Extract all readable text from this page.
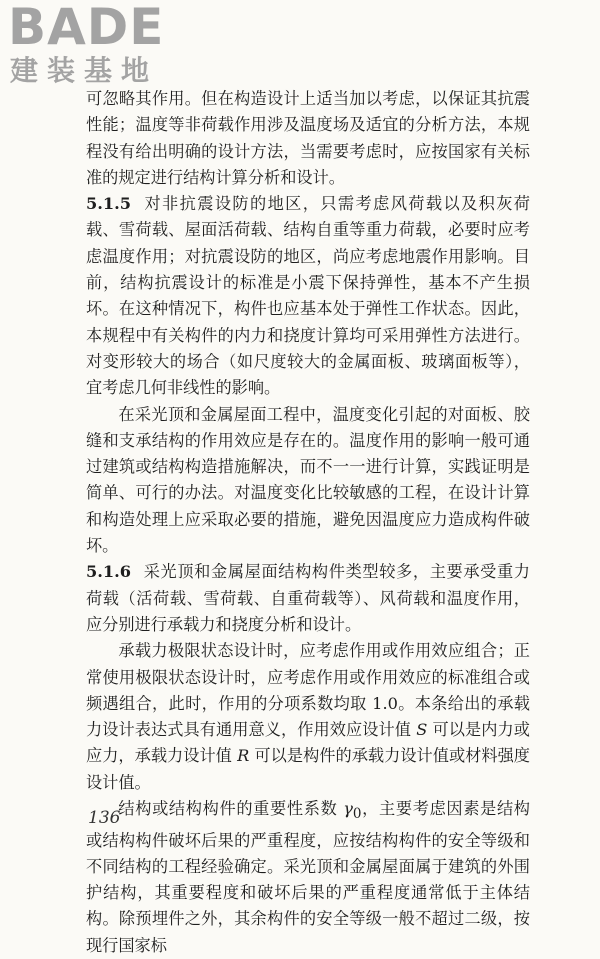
BADE
建装基地

可忽略其作用。但在构造设计上适当加以考虑，以保证其抗震性能；温度等非荷载作用涉及温度场及适宜的分析方法，本规程没有给出明确的设计方法，当需要考虑时，应按国家有关标准的规定进行结构计算分析和设计。

5.1.5 对非抗震设防的地区，只需考虑风荷载以及积灰荷载、雪荷载、屋面活荷载、结构自重等重力荷载，必要时应考虑温度作用；对抗震设防的地区，尚应考虑地震作用影响。目前，结构抗震设计的标准是小震下保持弹性，基本不产生损坏。在这种情况下，构件也应基本处于弹性工作状态。因此，本规程中有关构件的内力和挠度计算均可采用弹性方法进行。对变形较大的场合（如尺度较大的金属面板、玻璃面板等），宜考虑几何非线性的影响。

在采光顶和金属屋面工程中，温度变化引起的对面板、胶缝和支承结构的作用效应是存在的。温度作用的影响一般可通过建筑或结构构造措施解决，而不一一进行计算，实践证明是简单、可行的办法。对温度变化比较敏感的工程，在设计计算和构造处理上应采取必要的措施，避免因温度应力造成构件破坏。

5.1.6 采光顶和金属屋面结构构件类型较多，主要承受重力荷载（活荷载、雪荷载、自重荷载等）、风荷载和温度作用，应分别进行承载力和挠度分析和设计。

承载力极限状态设计时，应考虑作用或作用效应组合；正常使用极限状态设计时，应考虑作用或作用效应的标准组合或频遇组合，此时，作用的分项系数均取 1.0。本条给出的承载力设计表达式具有通用意义，作用效应设计值 S 可以是内力或应力，承载力设计值 R 可以是构件的承载力设计值或材料强度设计值。

结构或结构构件的重要性系数 $\gamma_0$，主要考虑因素是结构或结构构件破坏后果的严重程度，应按结构构件的安全等级和不同结构的工程经验确定。采光顶和金属屋面属于建筑的外围护结构，其重要程度和破坏后果的严重程度通常低于主体结构。除预埋件之外，其余构件的安全等级一般不超过二级，按现行国家标

136
